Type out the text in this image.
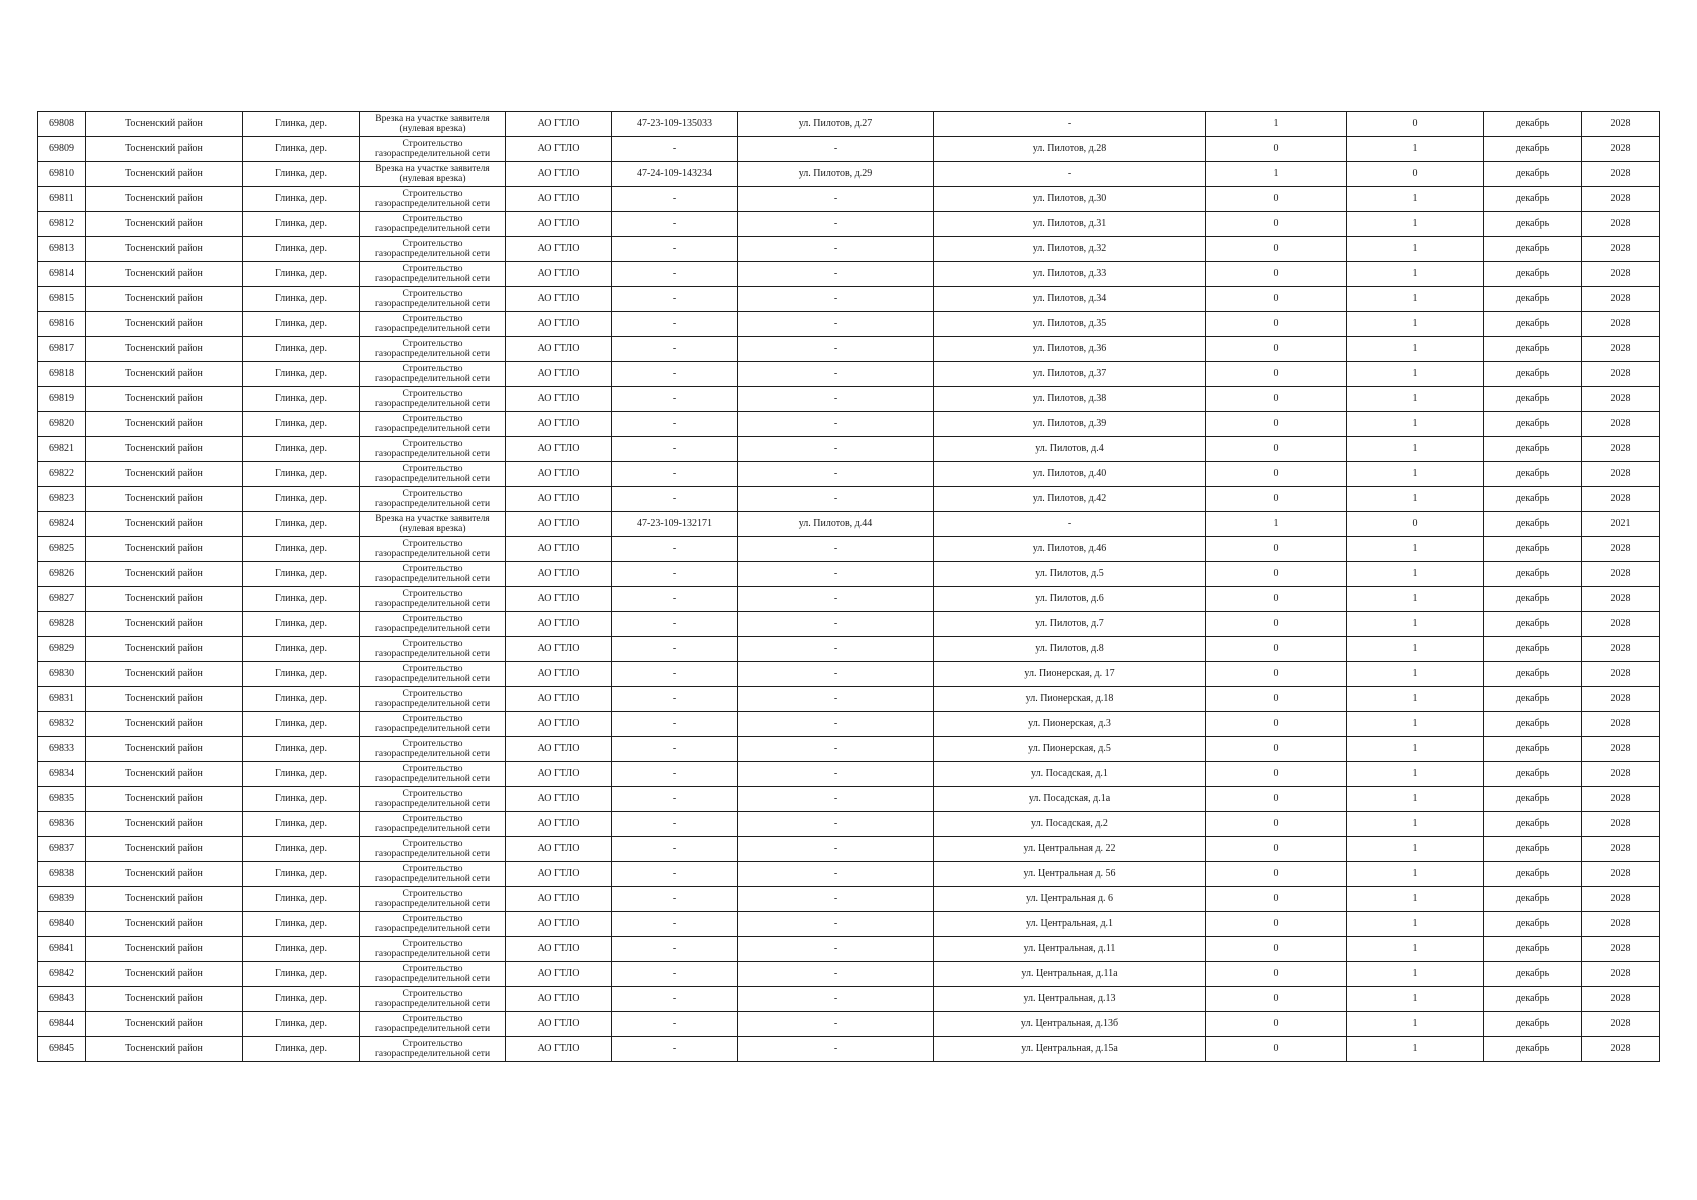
69808	Тосненский район	Глинка, дер.	Врезка на участке заявителя (нулевая врезка)	АО ГТЛО	47-23-109-135033	ул. Пилотов, д.27	-	1	0	декабрь	2028
69809	Тосненский район	Глинка, дер.	Строительство газораспределительной сети	АО ГТЛО	-	-	ул. Пилотов, д.28	0	1	декабрь	2028
69810	Тосненский район	Глинка, дер.	Врезка на участке заявителя (нулевая врезка)	АО ГТЛО	47-24-109-143234	ул. Пилотов, д.29	-	1	0	декабрь	2028
69811	Тосненский район	Глинка, дер.	Строительство газораспределительной сети	АО ГТЛО	-	-	ул. Пилотов, д.30	0	1	декабрь	2028
69812	Тосненский район	Глинка, дер.	Строительство газораспределительной сети	АО ГТЛО	-	-	ул. Пилотов, д.31	0	1	декабрь	2028
69813	Тосненский район	Глинка, дер.	Строительство газораспределительной сети	АО ГТЛО	-	-	ул. Пилотов, д.32	0	1	декабрь	2028
69814	Тосненский район	Глинка, дер.	Строительство газораспределительной сети	АО ГТЛО	-	-	ул. Пилотов, д.33	0	1	декабрь	2028
69815	Тосненский район	Глинка, дер.	Строительство газораспределительной сети	АО ГТЛО	-	-	ул. Пилотов, д.34	0	1	декабрь	2028
69816	Тосненский район	Глинка, дер.	Строительство газораспределительной сети	АО ГТЛО	-	-	ул. Пилотов, д.35	0	1	декабрь	2028
69817	Тосненский район	Глинка, дер.	Строительство газораспределительной сети	АО ГТЛО	-	-	ул. Пилотов, д.36	0	1	декабрь	2028
69818	Тосненский район	Глинка, дер.	Строительство газораспределительной сети	АО ГТЛО	-	-	ул. Пилотов, д.37	0	1	декабрь	2028
69819	Тосненский район	Глинка, дер.	Строительство газораспределительной сети	АО ГТЛО	-	-	ул. Пилотов, д.38	0	1	декабрь	2028
69820	Тосненский район	Глинка, дер.	Строительство газораспределительной сети	АО ГТЛО	-	-	ул. Пилотов, д.39	0	1	декабрь	2028
69821	Тосненский район	Глинка, дер.	Строительство газораспределительной сети	АО ГТЛО	-	-	ул. Пилотов, д.4	0	1	декабрь	2028
69822	Тосненский район	Глинка, дер.	Строительство газораспределительной сети	АО ГТЛО	-	-	ул. Пилотов, д.40	0	1	декабрь	2028
69823	Тосненский район	Глинка, дер.	Строительство газораспределительной сети	АО ГТЛО	-	-	ул. Пилотов, д.42	0	1	декабрь	2028
69824	Тосненский район	Глинка, дер.	Врезка на участке заявителя (нулевая врезка)	АО ГТЛО	47-23-109-132171	ул. Пилотов, д.44	-	1	0	декабрь	2021
69825	Тосненский район	Глинка, дер.	Строительство газораспределительной сети	АО ГТЛО	-	-	ул. Пилотов, д.46	0	1	декабрь	2028
69826	Тосненский район	Глинка, дер.	Строительство газораспределительной сети	АО ГТЛО	-	-	ул. Пилотов, д.5	0	1	декабрь	2028
69827	Тосненский район	Глинка, дер.	Строительство газораспределительной сети	АО ГТЛО	-	-	ул. Пилотов, д.6	0	1	декабрь	2028
69828	Тосненский район	Глинка, дер.	Строительство газораспределительной сети	АО ГТЛО	-	-	ул. Пилотов, д.7	0	1	декабрь	2028
69829	Тосненский район	Глинка, дер.	Строительство газораспределительной сети	АО ГТЛО	-	-	ул. Пилотов, д.8	0	1	декабрь	2028
69830	Тосненский район	Глинка, дер.	Строительство газораспределительной сети	АО ГТЛО	-	-	ул. Пионерская, д. 17	0	1	декабрь	2028
69831	Тосненский район	Глинка, дер.	Строительство газораспределительной сети	АО ГТЛО	-	-	ул. Пионерская, д.18	0	1	декабрь	2028
69832	Тосненский район	Глинка, дер.	Строительство газораспределительной сети	АО ГТЛО	-	-	ул. Пионерская, д.3	0	1	декабрь	2028
69833	Тосненский район	Глинка, дер.	Строительство газораспределительной сети	АО ГТЛО	-	-	ул. Пионерская, д.5	0	1	декабрь	2028
69834	Тосненский район	Глинка, дер.	Строительство газораспределительной сети	АО ГТЛО	-	-	ул. Посадская, д.1	0	1	декабрь	2028
69835	Тосненский район	Глинка, дер.	Строительство газораспределительной сети	АО ГТЛО	-	-	ул. Посадская, д.1а	0	1	декабрь	2028
69836	Тосненский район	Глинка, дер.	Строительство газораспределительной сети	АО ГТЛО	-	-	ул. Посадская, д.2	0	1	декабрь	2028
69837	Тосненский район	Глинка, дер.	Строительство газораспределительной сети	АО ГТЛО	-	-	ул. Центральная д. 22	0	1	декабрь	2028
69838	Тосненский район	Глинка, дер.	Строительство газораспределительной сети	АО ГТЛО	-	-	ул. Центральная д. 56	0	1	декабрь	2028
69839	Тосненский район	Глинка, дер.	Строительство газораспределительной сети	АО ГТЛО	-	-	ул. Центральная д. 6	0	1	декабрь	2028
69840	Тосненский район	Глинка, дер.	Строительство газораспределительной сети	АО ГТЛО	-	-	ул. Центральная, д.1	0	1	декабрь	2028
69841	Тосненский район	Глинка, дер.	Строительство газораспределительной сети	АО ГТЛО	-	-	ул. Центральная, д.11	0	1	декабрь	2028
69842	Тосненский район	Глинка, дер.	Строительство газораспределительной сети	АО ГТЛО	-	-	ул. Центральная, д.11а	0	1	декабрь	2028
69843	Тосненский район	Глинка, дер.	Строительство газораспределительной сети	АО ГТЛО	-	-	ул. Центральная, д.13	0	1	декабрь	2028
69844	Тосненский район	Глинка, дер.	Строительство газораспределительной сети	АО ГТЛО	-	-	ул. Центральная, д.13б	0	1	декабрь	2028
69845	Тосненский район	Глинка, дер.	Строительство газораспределительной сети	АО ГТЛО	-	-	ул. Центральная, д.15а	0	1	декабрь	2028
